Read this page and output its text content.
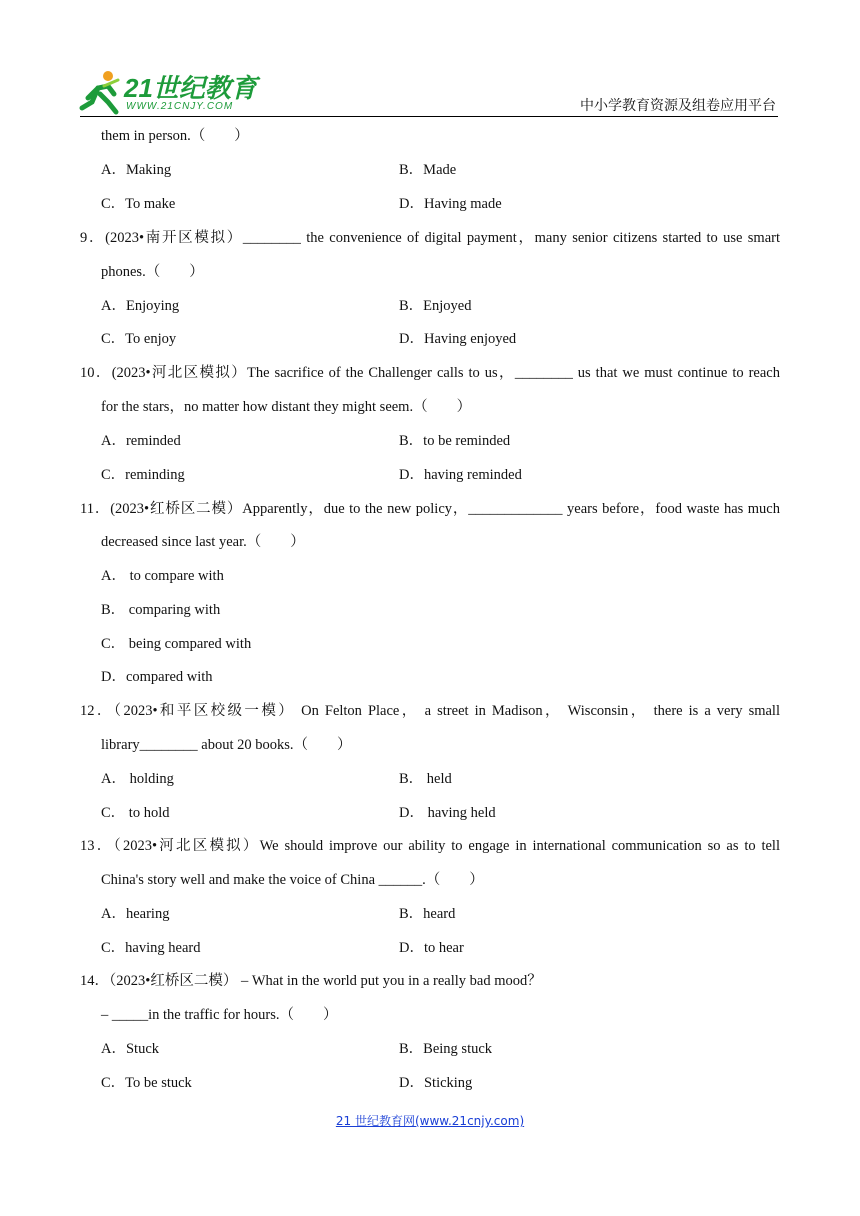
21世纪教育
WWW.21CNJY.COM	中小学教育资源及组卷应用平台
them in person.（　　）
A．Making	B．Made
C．To make	D．Having made
9．(2023•南开区模拟）________ the convenience of digital payment，many senior citizens started to use smart
phones.（　　）
A．Enjoying	B．Enjoyed
C．To enjoy	D．Having enjoyed
10．(2023•河北区模拟）The sacrifice of the Challenger calls to us，________ us that we must continue to reach
for the stars，no matter how distant they might seem.（　　）
A．reminded	B．to be reminded
C．reminding	D．having reminded
11．(2023•红桥区二模）Apparently，due to the new policy，_____________ years before，food waste has much
decreased since last year.（　　）
A． to compare with
B． comparing with
C． being compared with
D．compared with
12．（2023•和平区校级一模） On Felton Place， a street in Madison， Wisconsin， there is a very small
library________ about 20 books.（　　）
A． holding	B． held
C． to hold	D． having held
13．（2023•河北区模拟）We should improve our ability to engage in international communication so as to tell
China's story well and make the voice of China ______.（　　）
A．hearing	B．heard
C．having heard	D．to hear
14．（2023•红桥区二模） – What in the world put you in a really bad mood？
– _____in the traffic for hours.（　　）
A．Stuck	B．Being stuck
C．To be stuck	D．Sticking
21 世纪教育网(www.21cnjy.com)
